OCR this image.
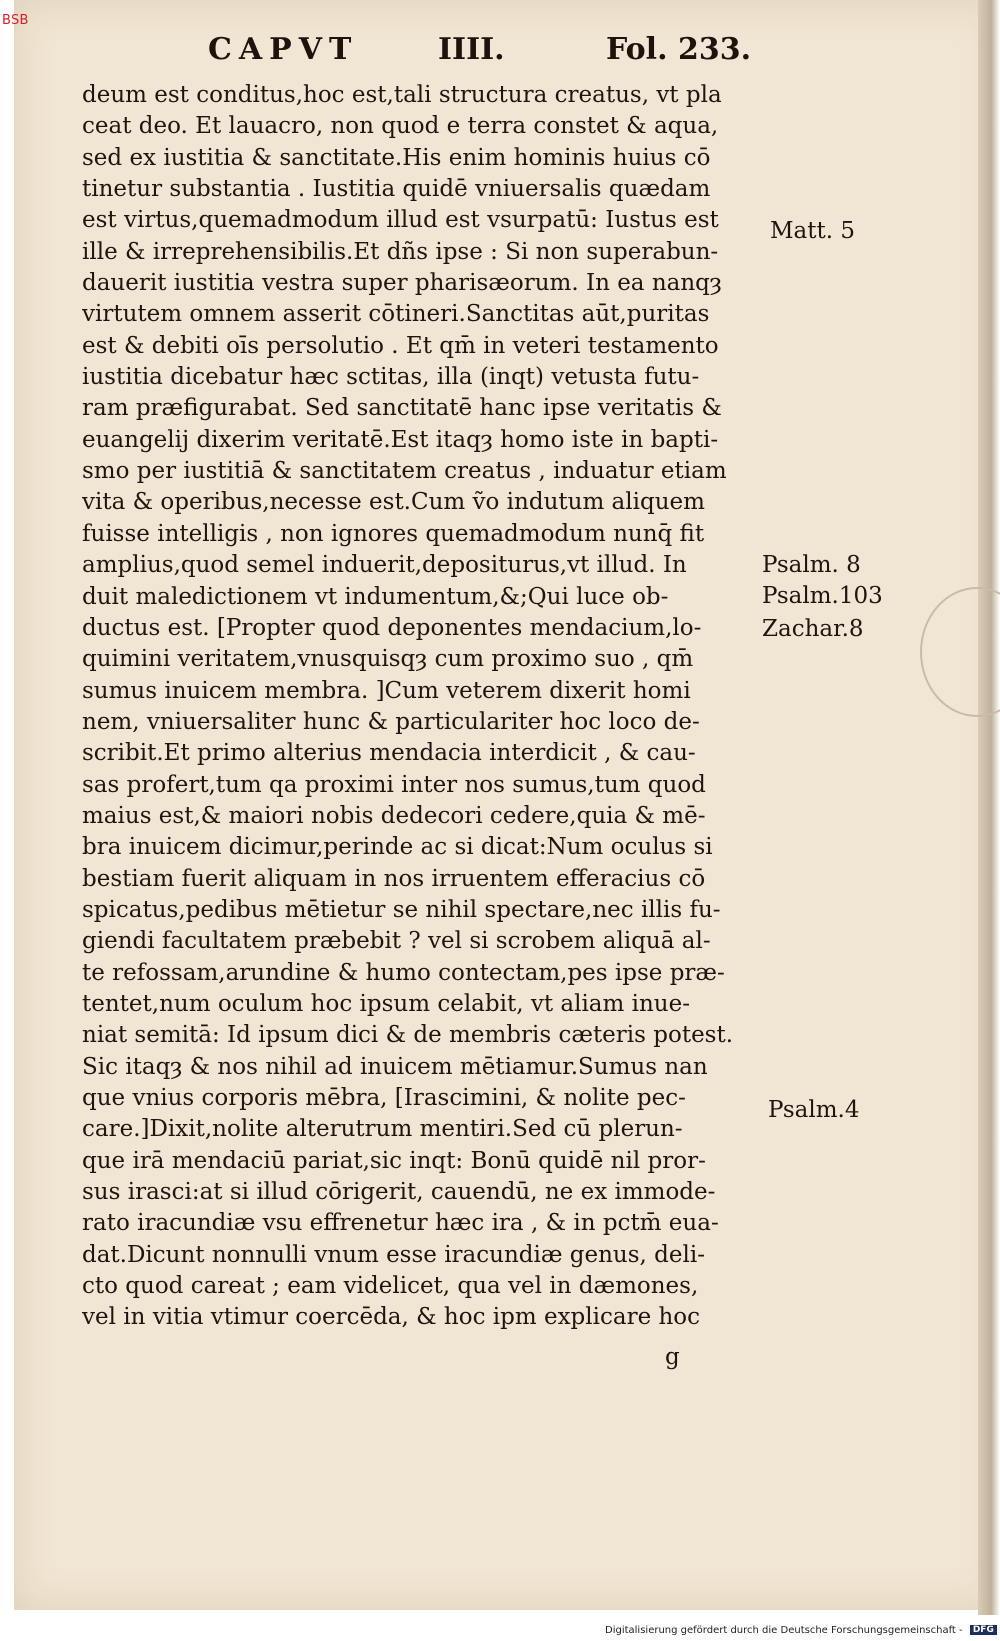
BSB
CAPVT	IIII.	Fol. 233.
deum est conditus,hoc est,tali structura creatus, vt pla
ceat deo. Et lauacro, non quod e terra constet & aqua,
sed ex iustitia & sanctitate.His enim hominis huius cō
tinetur substantia . Iustitia quidē vniuersalis quædam
est virtus,quemadmodum illud est vsurpatū: Iustus est
ille & irreprehensibilis.Et dñs ipse : Si non superabun-
dauerit iustitia vestra super pharisæorum. In ea nanqȝ
virtutem omnem asserit cōtineri.Sanctitas aūt,puritas
est & debiti oīs persolutio . Et qm̄ in veteri testamento
iustitia dicebatur hæc sctitas, illa (inqt) vetusta futu-
ram præfigurabat. Sed sanctitatē hanc ipse veritatis &
euangelij dixerim veritatē.Est itaqȝ homo iste in bapti-
smo per iustitiā & sanctitatem creatus , induatur etiam
vita & operibus,necesse est.Cum ṽo indutum aliquem
fuisse intelligis , non ignores quemadmodum nunq̄ fit
amplius,quod semel induerit,depositurus,vt illud. In
duit maledictionem vt indumentum,&;Qui luce ob-
ductus est. [Propter quod deponentes mendacium,lo-
quimini veritatem,vnusquisqȝ cum proximo suo , qm̄
sumus inuicem membra. ]Cum veterem dixerit homi
nem, vniuersaliter hunc & particulariter hoc loco de-
scribit.Et primo alterius mendacia interdicit , & cau-
sas profert,tum qa proximi inter nos sumus,tum quod
maius est,& maiori nobis dedecori cedere,quia & mē-
bra inuicem dicimur,perinde ac si dicat:Num oculus si
bestiam fuerit aliquam in nos irruentem efferacius cō
spicatus,pedibus mētietur se nihil spectare,nec illis fu-
giendi facultatem præbebit ? vel si scrobem aliquā al-
te refossam,arundine & humo contectam,pes ipse præ-
tentet,num oculum hoc ipsum celabit, vt aliam inue-
niat semitā: Id ipsum dici & de membris cæteris potest.
Sic itaqȝ & nos nihil ad inuicem mētiamur.Sumus nan
que vnius corporis mēbra, [Irascimini, & nolite pec-
care.]Dixit,nolite alterutrum mentiri.Sed cū plerun-
que irā mendaciū pariat,sic inqt: Bonū quidē nil pror-
sus irasci:at si illud cōrigerit, cauendū, ne ex immode-
rato iracundiæ vsu effrenetur hæc ira , & in pctm̄ eua-
dat.Dicunt nonnulli vnum esse iracundiæ genus, deli-
cto quod careat ; eam videlicet, qua vel in dæmones,
vel in vitia vtimur coercēda, & hoc ipm explicare hoc
Matt. 5
Psalm. 8
Psalm.103
Zachar.8
Psalm.4
g
Digitalisierung gefördert durch die Deutsche Forschungsgemeinschaft - DFG
